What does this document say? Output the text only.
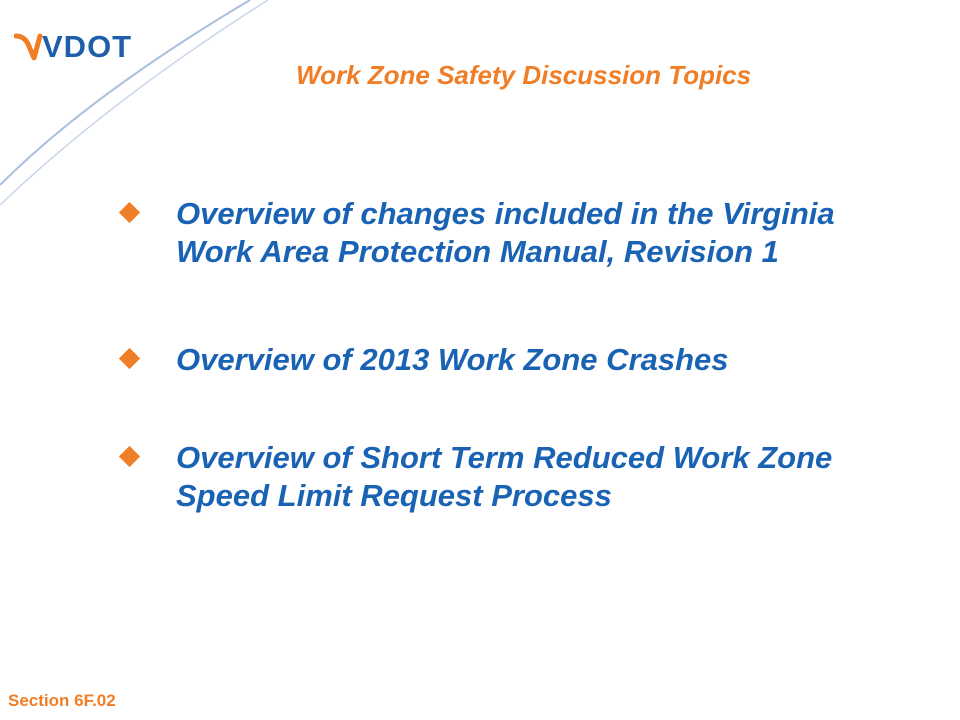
VDOT
Work Zone Safety Discussion Topics
Overview of changes included in the Virginia Work Area Protection Manual, Revision 1
Overview of 2013 Work Zone Crashes
Overview of Short Term Reduced Work Zone Speed Limit Request Process
Section 6F.02
